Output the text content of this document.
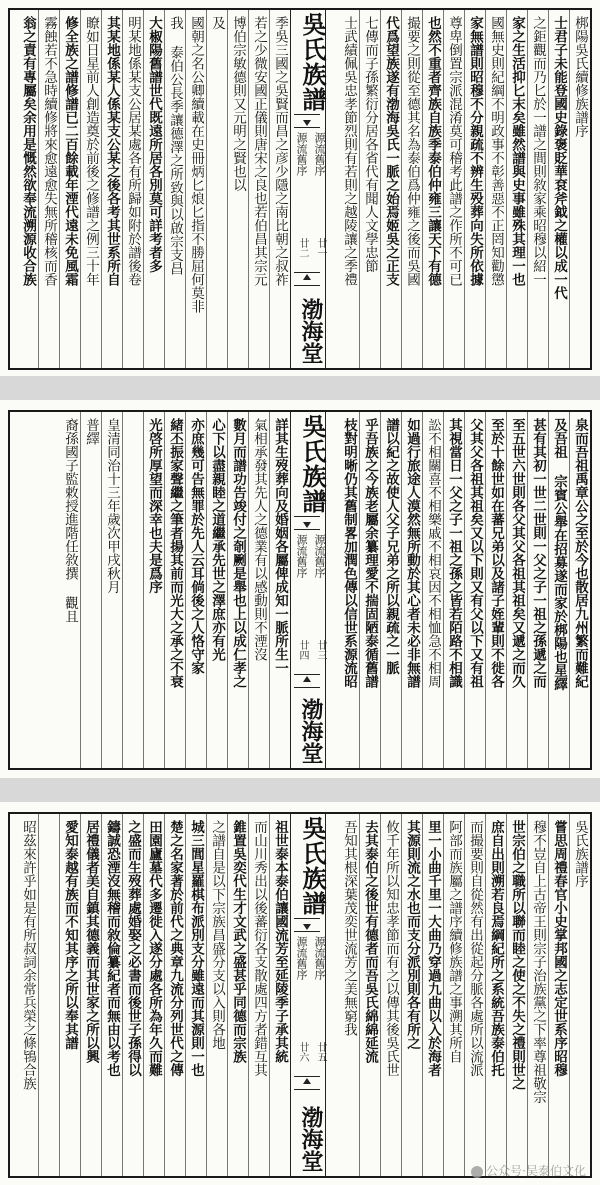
季吳三國之吳賢而昌之彦少隱之南比朝之叔祚
若之少微安國正儀則唐宋之良也若伯昌其宗元
博伯宗敏德則又元明之賢也以
及
國朝之名公卿續載在史冊炳匕烺匕指不勝屈何莫非
我 泰伯公長季讓德澤之所致與以啟宗支昌
大椒陽舊譜世代既遠所居各別莫可詳考者多
明某地係某支公居某處各有所歸如附於譜後卷
其某地係某人係某支公某之後各考其世系所自
瞭如日星前人創造奠於前後之修譜之例三十年
修全族之譜修譜已二百餘載年湮代遠未免風霜
霧蝕若不急時續修將來愈遠愈失無所稽核而香
翁之責有專屬矣余用是慨然欲奉流溯源收合族	吳氏族譜
源流舊序 源流舊序
廿一
廿二
渤海堂
梆陽吳氏續修族譜序
士君子未能登國史錄褒貶華袞斧鉞之權以成一代
之鉅觀而乃匕於一譜之間則敘家乘昭穆以紹一
家之生活抑匕末矣雖然譜與史事雖殊其理一也
國無史則紀綱不明政事不彰善惡不正罔知勸懲
家無譜則昭穆不分親疏不辨生殁葬向失所依據
尊卑倒置宗派混淆莫可稽考此譜之作所不可已
也然不重者齊族自族季泰伯仲雍三讓天下有德
撮要之則從至德其名為泰伯爲仲雍之後而吳國
代爲望族遂有渤海吳氏一脈之始焉姬吳之正支
七傳而子孫繁衍分居各省代有聞人文學忠節
士武績佩吳忠孝節烈則有若則之越陵讓之季禮
詳其生歿葬向及婚姻各屬俾成知一脈所生一
氣相承發其先人之德業有以感動則不湮沒
數月而譜功告竣付之剞劂是舉也上以成仁孝之
心下以盡親睦之道繼承先世之澤庶亦有光
亦庶幾可告無罪於先人云耳倘後之人恪守家
緒丕振家聲繼之筆者揚其前而光大之承之不衰
光啓所厚望而深幸也夫是爲序
皇清同治十三年歲次甲戌秋月
普繹
裔孫國子監敕授進階任敘撰 觀且	吳氏族譜
源流舊序 源流舊序
廿三
廿四
渤海堂
泉而吾祖禹章公之至於今也散居九州繁而難紀
及吾祖 宗賓公舉在招募遂而家於梆陽也星繹
甚有其初一世二世則一父之子一祖之孫遞之而
至五世六世則各父其父各祖其祖矣又遞之而久
至於十餘世如在蕃兄弟以及諸子姪輩則不徙各
父其父各祖其祖矣又以下則又有父以下又有祖
其視當日一父之子一祖之孫之皆若陌路不相識
訟不相關喜不相樂戚不相哀因不相恤急不相周
如過行旅途人漠然無所動於其心者未必非無譜
譜以紀之故使人父子兄弟之所以親疏之一脈
乎吾族之今族老屬余纂理愛不揣固陋泰循舊譜
枝對明晰仍其舊制畧加潤色傳以信世系源流昭
祖世泰本泰伯讓國流芳至延陵季子承其統
而山川秀出以後蕃衍各支散處四方者錯互其
錐置吳奕代生才文武之盛甚乎同德而宗族
之譜自是以下宗族昌盛分支以入則各地
城三閭星羅棋布派別支分雖遠而其源則一也
楚之名家著於前代之典章九流分列世代之傳
田園廬墓代多遷徙入遂分處各所為年久而難
之盛而生歿葬處婚娶之必書而後世子孫得以
鑄誠恐湮沒無稽而敘倫纂紀者而無由以考也
居禮儀者美自鎮其德義而其世家之所以興
愛知泰越有族而不知其序之所以奉其譜
昭茲來許乎如是有所叔詞余常兵榮之條鴇合族	吳氏族譜
源流舊序 源流舊序
廿五
廿六
渤海堂
吳氏族譜序
嘗思周禮春官小史掌邦國之志定世系序昭穆
穆不豈自上古帝王則宗子治族黨之下率尊祖敬宗
世宗伯之職所以聯而睦之使之不失之禮則世之
庶自出則溯若良焉綱紀所之系統吾族泰伯托
而撮要則自從然有出從起分脈各處所以流派
阿部而族屬之譜序續修族譜之事溯其所自
里一小曲千里一大曲乃穿過九曲以入於海者
其源則流之水也而支分派別則各有所之
攸千年所以知忠孝節而有之以傳其後吳氏世
去其泰伯之後世有德者而吾吳氏綿綿延流
吾知其根深葉茂奕世流芳之美無窮我
公众号·吴泰伯文化
